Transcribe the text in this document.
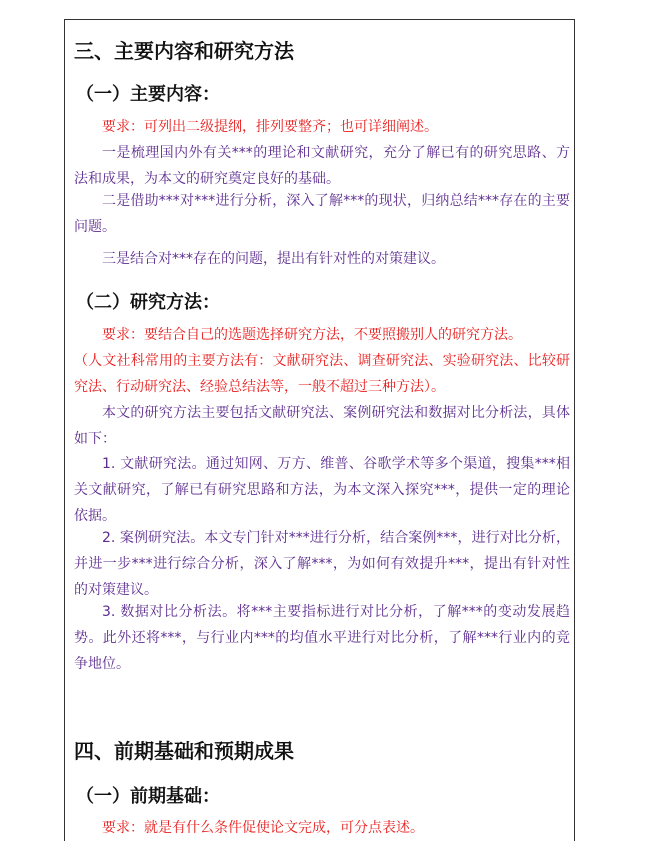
三、主要内容和研究方法
（一）主要内容：

要求：可列出二级提纲，排列要整齐；也可详细阐述。

一是梳理国内外有关***的理论和文献研究，充分了解已有的研究思路、方法和成果，为本文的研究奠定良好的基础。

二是借助***对***进行分析，深入了解***的现状，归纳总结***存在的主要问题。

三是结合对***存在的问题，提出有针对性的对策建议。

（二）研究方法：

要求：要结合自己的选题选择研究方法，不要照搬别人的研究方法。

（人文社科常用的主要方法有：文献研究法、调查研究法、实验研究法、比较研究法、行动研究法、经验总结法等，一般不超过三种方法）。

本文的研究方法主要包括文献研究法、案例研究法和数据对比分析法，具体如下：

1. 文献研究法。通过知网、万方、维普、谷歌学术等多个渠道，搜集***相关文献研究，了解已有研究思路和方法，为本文深入探究***，提供一定的理论依据。

2. 案例研究法。本文专门针对***进行分析，结合案例***，进行对比分析，并进一步***进行综合分析，深入了解***，为如何有效提升***，提出有针对性的对策建议。

3. 数据对比分析法。将***主要指标进行对比分析，了解***的变动发展趋势。此外还将***，与行业内***的均值水平进行对比分析，了解***行业内的竞争地位。

四、前期基础和预期成果
（一）前期基础：

要求：就是有什么条件促使论文完成，可分点表述。
